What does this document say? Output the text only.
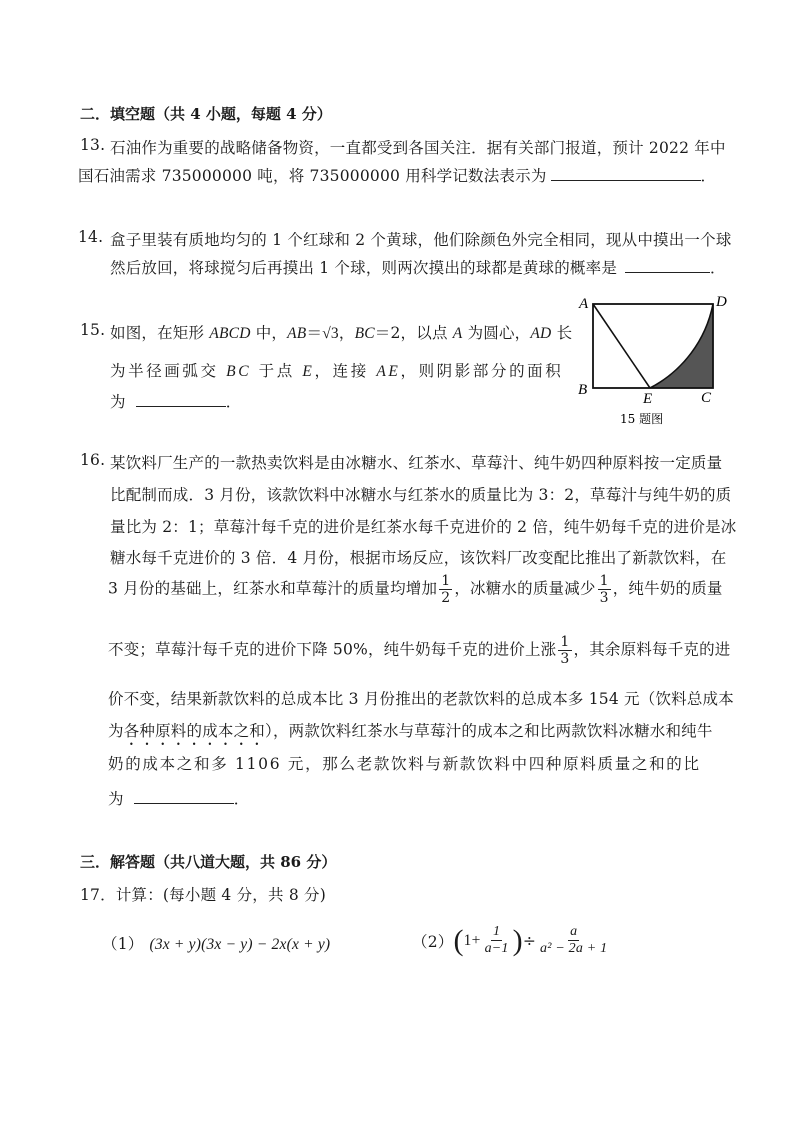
二．填空题（共 4 小题，每题 4 分）
13. 石油作为重要的战略储备物资，一直都受到各国关注．据有关部门报道，预计 2022 年中
国石油需求 735000000 吨，将 735000000 用科学记数法表示为	．
14. 盒子里装有质地均匀的 1 个红球和 2 个黄球，他们除颜色外完全相同，现从中摸出一个球
然后放回，将球搅匀后再摸出 1 个球，则两次摸出的球都是黄球的概率是	．
15. 如图，在矩形 ABCD 中，AB＝√3，BC＝2，以点 A 为圆心，AD 长
为半径画弧交 BC 于点 E，连接 AE，则阴影部分的面积
为	．
A	D
B
E	C
15 题图
16. 某饮料厂生产的一款热卖饮料是由冰糖水、红茶水、草莓汁、纯牛奶四种原料按一定质量
比配制而成．3 月份，该款饮料中冰糖水与红茶水的质量比为 3：2，草莓汁与纯牛奶的质
量比为 2：1；草莓汁每千克的进价是红茶水每千克进价的 2 倍，纯牛奶每千克的进价是冰
糖水每千克进价的 3 倍．4 月份，根据市场反应，该饮料厂改变配比推出了新款饮料，在
3 月份的基础上，红茶水和草莓汁的质量均增加 $\frac{1}{2}$ ，冰糖水的质量减少 $\frac{1}{3}$ ，纯牛奶的质量
不变；草莓汁每千克的进价下降 50%，纯牛奶每千克的进价上涨 $\frac{1}{3}$ ，其余原料每千克的进
价不变，结果新款饮料的总成本比 3 月份推出的老款饮料的总成本多 154 元（饮料总成本
为各种原料的成本之和），两款饮料红茶水与草莓汁的成本之和比两款饮料冰糖水和纯牛
奶的成本之和多 1106 元，那么老款饮料与新款饮料中四种原料质量之和的比
为	．
三．解答题（共八道大题，共 86 分）
17．计算：(每小题 4 分，共 8 分)
（1） (3x + y)(3x − y) − 2x(x + y)	（2） ( $1+ \frac{1}{a-1}$ ) ÷ $\frac{a}{\text{a² − 2a + 1}}$
